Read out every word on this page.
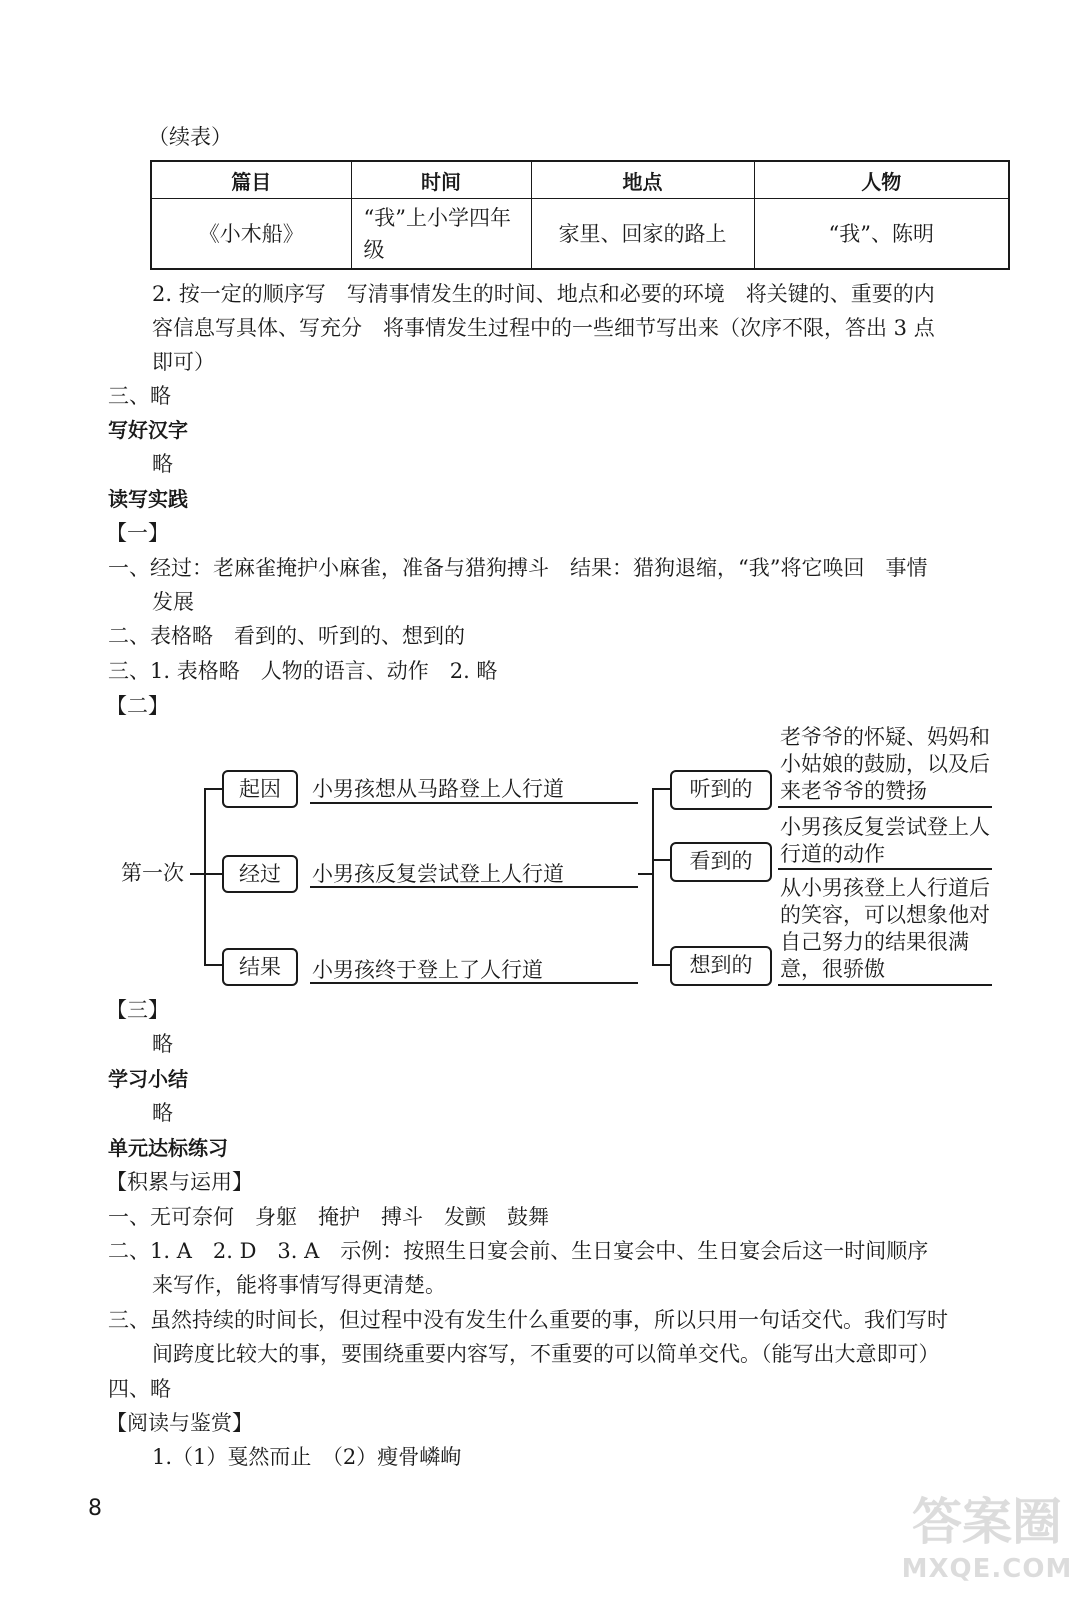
（续表）
篇目	时间	地点	人物
《小木船》	“我”上小学四年级	家里、回家的路上	“我”、陈明
2. 按一定的顺序写　写清事情发生的时间、地点和必要的环境　将关键的、重要的内
容信息写具体、写充分　将事情发生过程中的一些细节写出来（次序不限，答出 3 点
即可）
三、略
写好汉字
略
读写实践
【一】
一、经过：老麻雀掩护小麻雀，准备与猎狗搏斗　结果：猎狗退缩，“我”将它唤回　事情
发展
二、表格略　看到的、听到的、想到的
三、1. 表格略　人物的语言、动作　2. 略
【二】
第一次
起因
经过
结果
小男孩想从马路登上人行道
小男孩反复尝试登上人行道
小男孩终于登上了人行道
听到的
看到的
想到的
老爷爷的怀疑、妈妈和小姑娘的鼓励，以及后来老爷爷的赞扬
小男孩反复尝试登上人行道的动作
从小男孩登上人行道后的笑容，可以想象他对自己努力的结果很满意，很骄傲
【三】
略
学习小结
略
单元达标练习
【积累与运用】
一、无可奈何　身躯　掩护　搏斗　发颤　鼓舞
二、1. A　2. D　3. A　示例：按照生日宴会前、生日宴会中、生日宴会后这一时间顺序
来写作，能将事情写得更清楚。
三、虽然持续的时间长，但过程中没有发生什么重要的事，所以只用一句话交代。我们写时
间跨度比较大的事，要围绕重要内容写，不重要的可以简单交代。（能写出大意即可）
四、略
【阅读与鉴赏】
1.（1）戛然而止　（2）瘦骨嶙峋
8	答案圈
MXQE.COM
